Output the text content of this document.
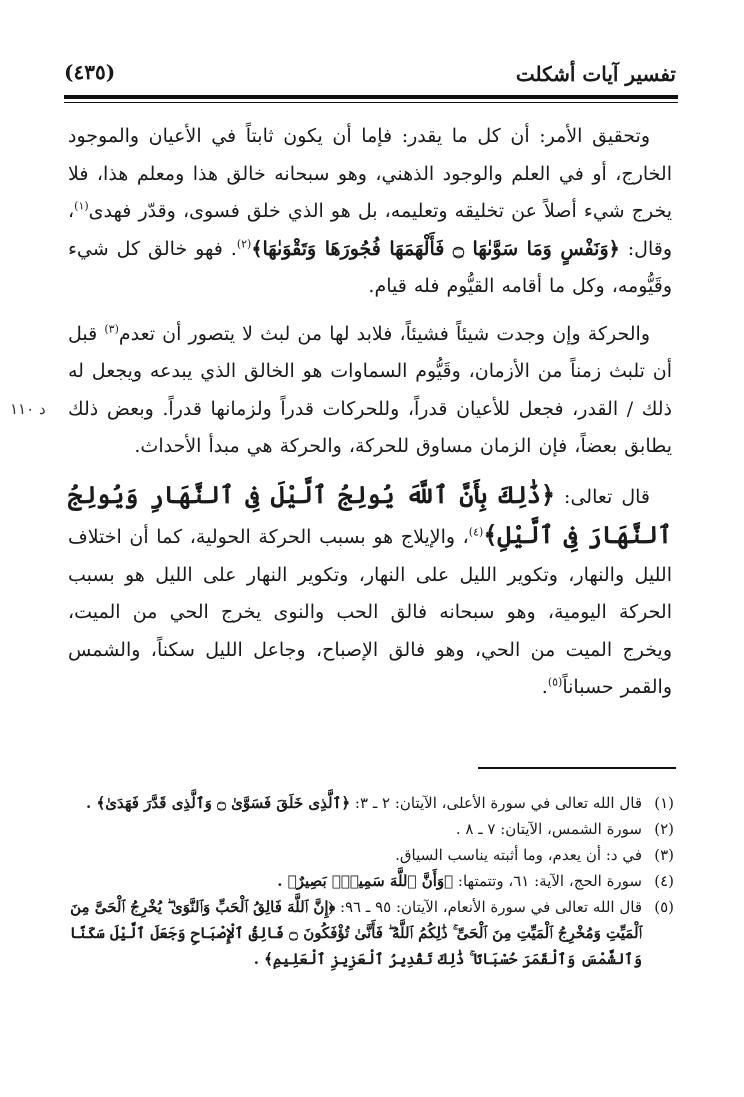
تفسير آيات أشكلت
(٤٣٥)
د ١١٠

وتحقيق الأمر: أن كل ما يقدر: فإما أن يكون ثابتاً في الأعيان والموجود الخارج، أو في العلم والوجود الذهني، وهو سبحانه خالق هذا ومعلم هذا، فلا يخرج شيء أصلاً عن تخليقه وتعليمه، بل هو الذي خلق فسوى، وقدّر فهدى$^{(١)}$، وقال: ﴿وَنَفْسٍ وَمَا سَوَّىٰهَا ۝ فَأَلْهَمَهَا فُجُورَهَا وَتَقْوَىٰهَا﴾$^{(٢)}$. فهو خالق كل شيء وقَيُّومه، وكل ما أقامه القيُّوم فله قيام.

والحركة وإن وجدت شيئاً فشيئاً، فلابد لها من لبث لا يتصور أن تعدم$^{(٣)}$ قبل أن تلبث زمناً من الأزمان، وقَيُّوم السماوات هو الخالق الذي يبدعه ويجعل له ذلك / القدر، فجعل للأعيان قدراً، وللحركات قدراً ولزمانها قدراً. وبعض ذلك يطابق بعضاً، فإن الزمان مساوق للحركة، والحركة هي مبدأ الأحداث.

قال تعالى: ﴿ذَٰلِكَ بِأَنَّ ٱللَّهَ يُولِجُ ٱلَّيْلَ فِى ٱلنَّهَارِ وَيُولِجُ ٱلنَّهَارَ فِى ٱلَّيْلِ﴾$^{(٤)}$، والإيلاج هو بسبب الحركة الحولية، كما أن اختلاف الليل والنهار، وتكوير الليل على النهار، وتكوير النهار على الليل هو بسبب الحركة اليومية، وهو سبحانه فالق الحب والنوى يخرج الحي من الميت، ويخرج الميت من الحي، وهو فالق الإصباح، وجاعل الليل سكناً، والشمس والقمر حسباناً$^{(٥)}$.

(١)
قال الله تعالى في سورة الأعلى، الآيتان: ٢ ـ ٣: ﴿ٱلَّذِى خَلَقَ فَسَوَّىٰ ۝ وَٱلَّذِى قَدَّرَ فَهَدَىٰ﴾ .

(٢)
سورة الشمس، الآيتان: ٧ ـ ٨ .

(٣)
في د: أن يعدم، وما أثبته يناسب السياق.

(٤)
سورة الحج، الآية: ٦١، وتتمتها: ﴿وَأَنَّ ٱللَّهَ سَمِيعٌۢ بَصِيرٌ﴾ .

(٥)
قال الله تعالى في سورة الأنعام، الآيتان: ٩٥ ـ ٩٦: ﴿إِنَّ ٱللَّهَ فَالِقُ ٱلْحَبِّ وَٱلنَّوَىٰ ۖ يُخْرِجُ ٱلْحَىَّ مِنَ ٱلْمَيِّتِ وَمُخْرِجُ ٱلْمَيِّتِ مِنَ ٱلْحَىِّ ۚ ذَٰلِكُمُ ٱللَّهُ ۖ فَأَنَّىٰ تُؤْفَكُونَ ۝ فَالِقُ ٱلْإِصْبَاحِ وَجَعَلَ ٱلَّيْلَ سَكَنًا وَٱلشَّمْسَ وَٱلْقَمَرَ حُسْبَانًا ۚ ذَٰلِكَ تَقْدِيرُ ٱلْعَزِيزِ ٱلْعَلِيمِ﴾ .
